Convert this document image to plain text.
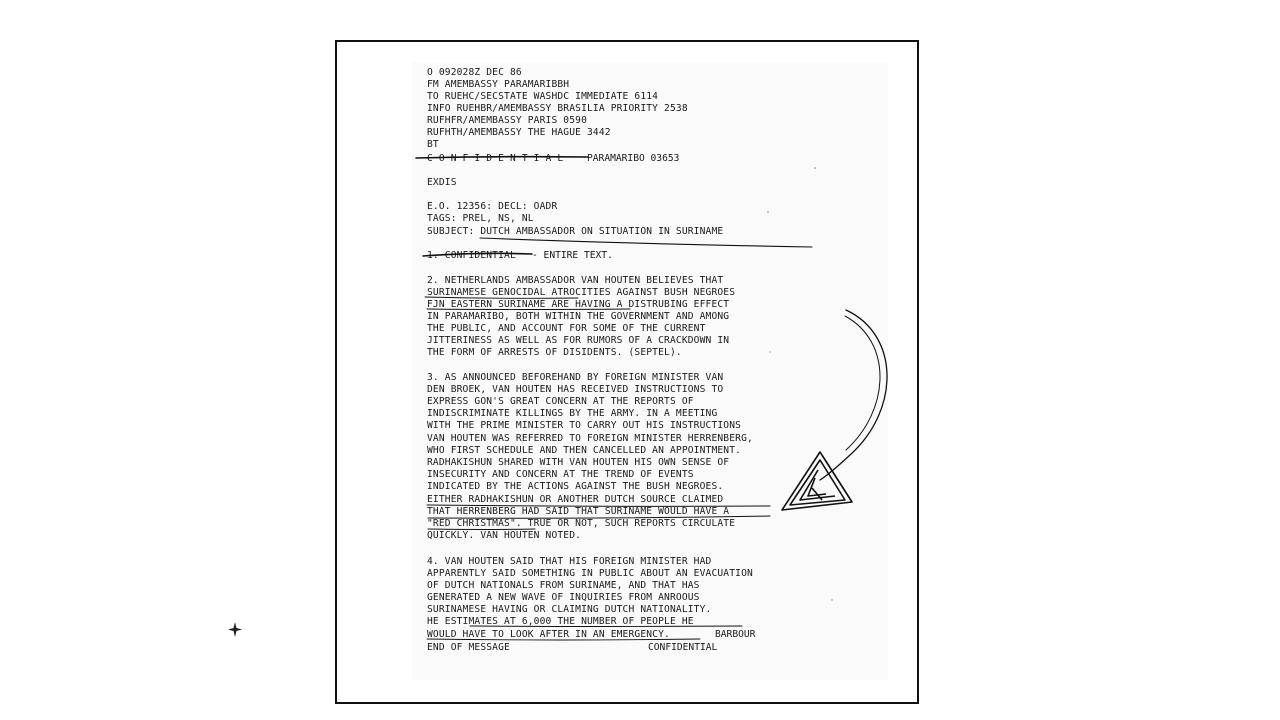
O 092028Z DEC 86
FM AMEMBASSY PARAMARIBBH
TO RUEHC/SECSTATE WASHDC IMMEDIATE 6114
INFO RUEHBR/AMEMBASSY BRASILIA PRIORITY 2538
RUFHFR/AMEMBASSY PARIS 0590
RUFHTH/AMEMBASSY THE HAGUE 3442
BT
C O N F I D E N T I A L PARAMARIBO 03653
EXDIS
E.O. 12356: DECL: OADR
TAGS: PREL, NS, NL
SUBJECT: DUTCH AMBASSADOR ON SITUATION IN SURINAME
1. CONFIDENTIAL - ENTIRE TEXT.
2. NETHERLANDS AMBASSADOR VAN HOUTEN BELIEVES THAT
SURINAMESE GENOCIDAL ATROCITIES AGAINST BUSH NEGROES
FJN EASTERN SURINAME ARE HAVING A DISTRUBING EFFECT
IN PARAMARIBO, BOTH WITHIN THE GOVERNMENT AND AMONG
THE PUBLIC, AND ACCOUNT FOR SOME OF THE CURRENT
JITTERINESS AS WELL AS FOR RUMORS OF A CRACKDOWN IN
THE FORM OF ARRESTS OF DISIDENTS. (SEPTEL).
3. AS ANNOUNCED BEFOREHAND BY FOREIGN MINISTER VAN
DEN BROEK, VAN HOUTEN HAS RECEIVED INSTRUCTIONS TO
EXPRESS GON'S GREAT CONCERN AT THE REPORTS OF
INDISCRIMINATE KILLINGS BY THE ARMY. IN A MEETING
WITH THE PRIME MINISTER TO CARRY OUT HIS INSTRUCTIONS
VAN HOUTEN WAS REFERRED TO FOREIGN MINISTER HERRENBERG,
WHO FIRST SCHEDULE AND THEN CANCELLED AN APPOINTMENT.
RADHAKISHUN SHARED WITH VAN HOUTEN HIS OWN SENSE OF
INSECURITY AND CONCERN AT THE TREND OF EVENTS
INDICATED BY THE ACTIONS AGAINST THE BUSH NEGROES.
EITHER RADHAKISHUN OR ANOTHER DUTCH SOURCE CLAIMED
THAT HERRENBERG HAD SAID THAT SURINAME WOULD HAVE A
"RED CHRISTMAS". TRUE OR NOT, SUCH REPORTS CIRCULATE
QUICKLY. VAN HOUTEN NOTED.
4. VAN HOUTEN SAID THAT HIS FOREIGN MINISTER HAD
APPARENTLY SAID SOMETHING IN PUBLIC ABOUT AN EVACUATION
OF DUTCH NATIONALS FROM SURINAME, AND THAT HAS
GENERATED A NEW WAVE OF INQUIRIES FROM ANROOUS
SURINAMESE HAVING OR CLAIMING DUTCH NATIONALITY.
HE ESTIMATES AT 6,000 THE NUMBER OF PEOPLE HE
WOULD HAVE TO LOOK AFTER IN AN EMERGENCY.	BARBOUR
END OF MESSAGE	CONFIDENTIAL
